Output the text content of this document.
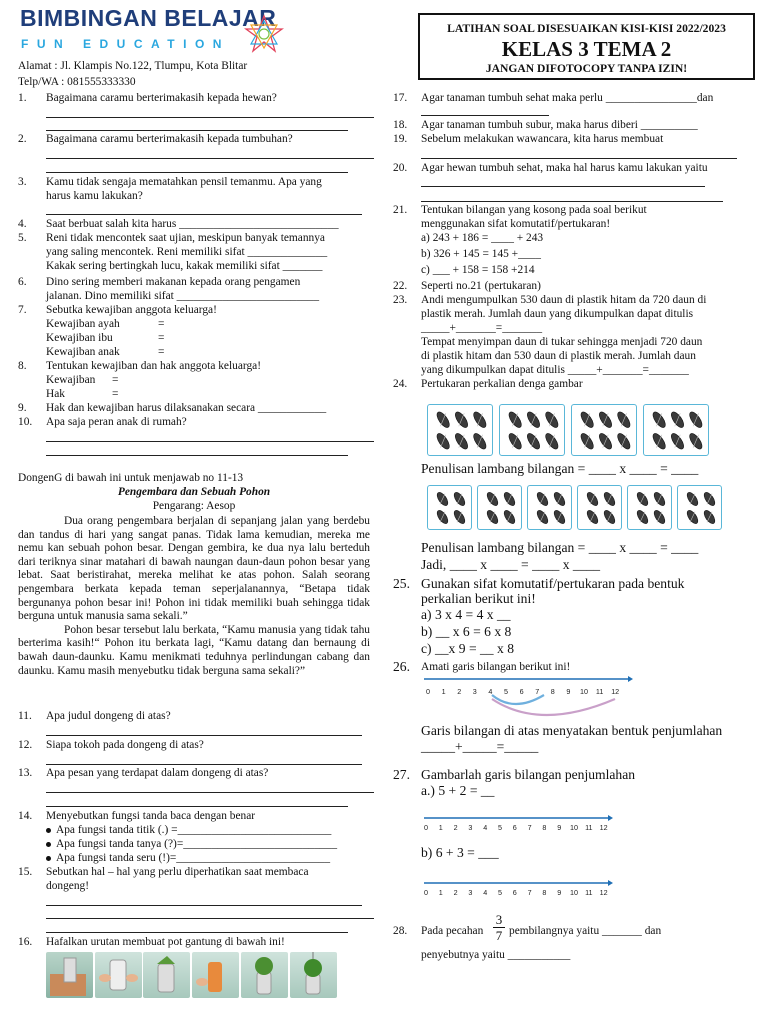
BIMBINGAN BELAJAR
FUN EDUCATION
Alamat : Jl. Klampis No.122, Tlumpu, Kota Blitar
Telp/WA : 081555333330
LATIHAN SOAL DISESUAIKAN KISI-KISI 2022/2023
KELAS 3 TEMA 2
JANGAN DIFOTOCOPY TANPA IZIN!
1. Bagaimana caramu berterimakasih kepada hewan?
2. Bagaimana caramu berterimakasih kepada tumbuhan?
3. Kamu tidak sengaja mematahkan pensil temanmu. Apa yang
harus kamu lakukan?
4. Saat berbuat salah kita harus ____________________________
5. Reni tidak mencontek saat ujian, meskipun banyak temannya
yang saling mencontek. Reni memiliki sifat ______________
Kakak sering bertingkah lucu, kakak memiliki sifat _______
6. Dino sering memberi makanan kepada orang pengamen
jalanan. Dino memiliki sifat _________________________
7. Sebutka kewajiban anggota keluarga!
Kewajiban ayah	=
Kewajiban ibu	=
Kewajiban anak	=
8. Tentukan kewajiban dan hak anggota keluarga!
Kewajiban =
Hak	=
9. Hak dan kewajiban harus dilaksanakan secara ____________
10. Apa saja peran anak di rumah?
DongenG di bawah ini untuk menjawab no 11-13
Pengembara dan Sebuah Pohon
Pengarang: Aesop

Dua orang pengembara berjalan di sepanjang jalan yang berdebu dan tandus di hari yang sangat panas. Tidak lama kemudian, mereka me nemu kan sebuah pohon besar. Dengan gembira, ke dua nya lalu berteduh dari teriknya sinar matahari di bawah naungan daun-daun pohon besar yang lebat. Saat beristirahat, mereka melihat ke atas pohon. Salah seorang pengembara berkata kepada teman seperjalanannya, “Betapa tidak bergunanya pohon besar ini! Pohon ini tidak memiliki buah sehingga tidak berguna untuk manusia sama sekali.”

Pohon besar tersebut lalu berkata, “Kamu manusia yang tidak tahu berterima kasih!“ Pohon itu berkata lagi, “Kamu datang dan bernaung di bawah daun-daunku. Kamu menikmati teduhnya perlindungan cabang dan daunku. Kamu masih menyebutku tidak berguna sama sekali?”

11. Apa judul dongeng di atas?
12. Siapa tokoh pada dongeng di atas?
13. Apa pesan yang terdapat dalam dongeng di atas?
14. Menyebutkan fungsi tanda baca dengan benar
Apa fungsi tanda titik (.) =___________________________
Apa fungsi tanda tanya (?)=___________________________
Apa fungsi tanda seru (!)=___________________________
15. Sebutkan hal – hal yang perlu diperhatikan saat membaca
dongeng!
16. Hafalkan urutan membuat pot gantung di bawah ini!
17. Agar tanaman tumbuh sehat maka perlu ________________dan
18. Agar tanaman tumbuh subur, maka harus diberi __________
19. Sebelum melakukan wawancara, kita harus membuat
20. Agar hewan tumbuh sehat, maka hal harus kamu lakukan yaitu
21. Tentukan bilangan yang kosong pada soal berikut
menggunakan sifat komutatif/pertukaran!
a) 243 + 186 = ____ + 243
b) 326 + 145 = 145 +____
c) ___ + 158 = 158 +214
22. Seperti no.21 (pertukaran)
23. Andi mengumpulkan 530 daun di plastik hitam da 720 daun di
plastik merah. Jumlah daun yang dikumpulkan dapat ditulis
_____+_______=_______
Tempat menyimpan daun di tukar sehingga menjadi 720 daun
di plastik hitam dan 530 daun di plastik merah. Jumlah daun
yang dikumpulkan dapat ditulis _____+_______=_______
24. Pertukaran perkalian denga gambar
Penulisan lambang bilangan = ____ x ____ = ____
Penulisan lambang bilangan = ____ x ____ = ____
Jadi, ____ x ____ = ____ x ____
25. Gunakan sifat komutatif/pertukaran pada bentuk
perkalian berikut ini!
a) 3 x 4 = 4 x __
b) __ x 6 = 6 x 8
c) __x 9 = __ x 8
26. Amati garis bilangan berikut ini!
0 1 2 3 4 5 6 7 8 9 10 11 12
Garis bilangan di atas menyatakan bentuk penjumlahan
_____+_____=_____
27. Gambarlah garis bilangan penjumlahan
a.) 5 + 2 = __
0 1 2 3 4 5 6 7 8 9 10 11 12
b) 6 + 3 = ___
0 1 2 3 4 5 6 7 8 9 10 11 12
28. Pada pecahan $\frac{3}{7}$ pembilangnya yaitu _______ dan
penyebutnya yaitu ___________
